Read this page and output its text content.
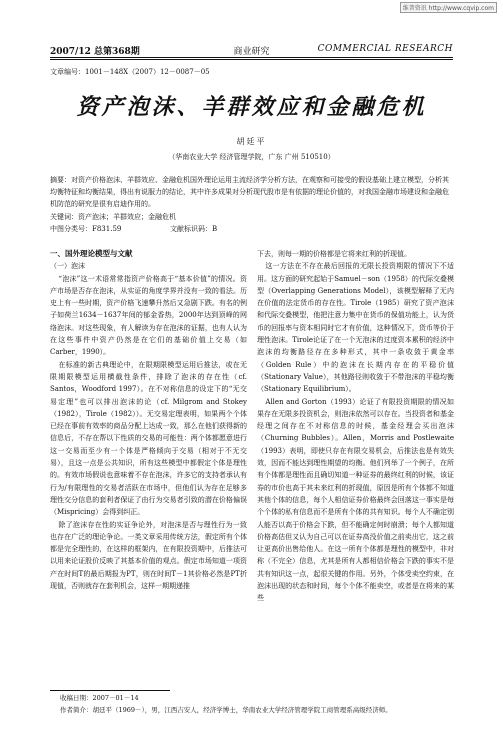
维普资讯 http://www.cqvip.com
2007/12 总第368期	商业研究	COMMERCIAL RESEARCH
文章编号：1001－148X（2007）12－0087－05
资产泡沫、羊群效应和金融危机
胡廷平
（华南农业大学 经济管理学院，广东 广州 510510）

摘要：对资产价格泡沫、羊群效应、金融危机国外理论运用主流经济学分析方法，在观察和可接受的假设基础上建立模型，分析其均衡特征和均衡结果，得出有说服力的结论，其中许多成果对分析现代股市是有依据的理论价值的，对我国金融市场建设和金融危机防范的研究是很有启迪作用的。

关键词：资产泡沫；羊群效应；金融危机
中图分类号：F831.59	文献标识码：B
一、国外理论模型与文献
（一）泡沫

“泡沫”这一术语常常指资产价格高于“基本价值”的情况。资产市场是否存在泡沫，从实证的角度学界并没有一致的看法。历史上有一些时期，资产价格飞速攀升然后又急剧下跌。有名的例子如荷兰1634－1637年间的郁金香热，2000年达到顶峰的网络泡沫。对这些现象，有人解读为存在泡沫的证据，也有人认为在这些事件中资产仍然是在它们的基础价值上交易（如Carber，1990）。

在标准的新古典理论中，在限期限模型运用后推法，或在无限期限模型运用横截性条件，排除了泡沫的存在性（cf. Santos，Woodford 1997）。在不对称信息的设定下的“无交易定理”也可以排出泡沫的论（cf. Milgrom and Stokey（1982），Tirole（1982））。无交易定理表明，如果两个个体已经在事前有效率的商品分配上达成一致，那么在他们获得新的信息后，不存在帮以下性质的交易的可能性：两个体都愿意进行这一交易而至少有一个体是严格倾向于交易（相对于不无交易），且这一点是公共知识，所有这些模型中都假定个体是理性的。有效市场假说也意味着不存在泡沫，许多它的支持者承认有行为/有限理性的交易者活跃在市场中，但他们认为存在足够多理性交分信息的套利者保证了由行为交易者引致的潜在价格偏误（Mispricing）会得到纠正。

除了泡沫存在性的实证争论外，对泡沫是否与理性行为一致也存在广泛的理论争论。一类文章采用传统方法，假定所有个体都是完全理性的，在这样的框架内，在有限投资期中，后推法可以用来论证股价反映了其基本价值的观点。假定市场知道一项资产在时间T的最后期报为PT，则在时间T－1其价格必然是PT折现值，否则就存在套利机会，这样一期期递推

下去，则每一期的价格都是它将来红利的折现值。

这一方法在不存在最后回报的无限长投资期限的情况下不适用。这方面的研究起始于Samuel－son（1958）的代际交叠模型（Overlapping Generations Model），该模型解释了无内在价值的法定货币的存在性。Tirole（1985）研究了资产泡沫和代际交叠模型，他把注意力集中在货币的保值功能上，认为货币的回报率与资本相同时它才有价值，这种情况下，货币等价于理性泡沫。Tirole论证了在一个无泡沫的过度资本累积的经济中泡沫的均衡路径存在多种形式，其中一条收敛于黄金率（Golden Rule）中的泡沫在长期内存在的平稳价值（Stationary Value），其他路径则收敛于不带泡沫的平稳均衡（Stationary Equilibrium）。

Allen and Gorton（1993）论证了有限投资期限的情况如果存在无限多投资机会，则泡沫依然可以存在。当投资者和基金经理之间存在不对称信息的时候，基金经理会买出泡沫（Churning Bubbles）。Allen，Morris and Postlewaite（1993）表明，即使只存在有限交易机会，后推法也是有效失效，因而不能达到理性期望的均衡。他们列举了一个例子，在所有个体都是理性而且确切知道一种证券的最终红利的时候，该证券的市价也高于其未来红利的折现值，原因是所有个体都不知道其他个体的信息，每个人相信证券价格最终会回落这一事实是每个个体的私有信息而不是所有个体的共有知识。每个人不确定别人能否以高于价格会下跌，但不能确定何时崩溃；每个人都知道价格高估但又认为自己可以在证券高没价值之前卖出它，这之前让更高价出售给他人。在这一所有个体都是理性的模型中，非对称（不完全）信息，尤其是所有人都相信价格会下跌的事实不是共有知识这一点，起很关键的作用。另外，个体受卖空约束，在泡沫出现的状态和时间，每个个体不能卖空，或者是在将来的某些

收稿日期：2007－01－14
作者简介：胡廷平（1969－），男，江西吉安人，经济学博士，华南农业大学经济管理学院工商管理系高级经济师。
